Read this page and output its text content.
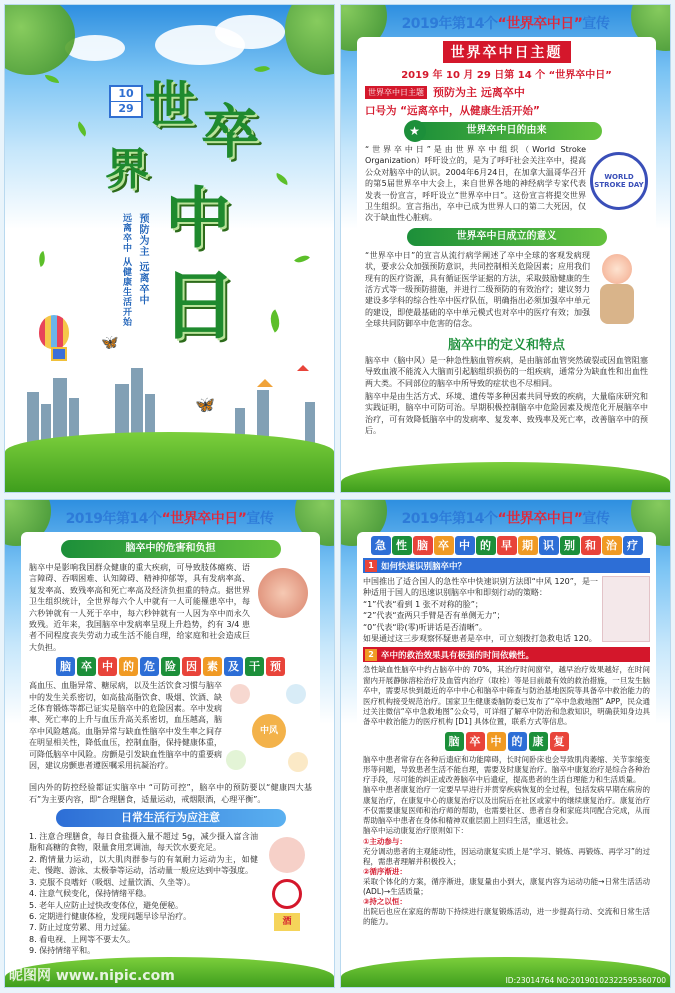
10
29 世
界
卒
中
日
预防为主 远离卒中
远离卒中 从健康生活开始
🦋
🦋
2019年第14个“世界卒中日”宣传
世界卒中日主题
2019 年 10 月 29 日第 14 个 “世界卒中日”
世界卒中日主题 预防为主 远离卒中
口号为 “远离卒中，从健康生活开始”
★	世界卒中日的由来
“世界卒中日”是由世界卒中组织（World Stroke Organization）呼吁设立的，是为了呼吁社会关注卒中，提高公众对脑卒中的认识。2004年6月24日，在加拿大温哥华召开的第5届世界卒中大会上，来自世界各地的神经病学专家代表发表一份宣言，呼吁设立“世界卒中日”。这份宣言将提交世界卫生组织。宣言指出，卒中已成为世界人口的第二大死因，仅次于缺血性心脏病。
WORLD STROKE DAY
世界卒中日成立的意义
“世界卒中日”的宣言从流行病学阐述了卒中全球的客观发病现状，要求公众加强预防意识，共同控制相关危险因素；应用我们现有的医疗资源，具有循证医学证据的方法，采取鼓励健康的生活方式等一级预防措施，并进行二级预防的有效治疗；建议努力建设多学科的综合性卒中医疗队伍，明确指出必须加强卒中单元的建设，即使最基础的卒中单元模式也对卒中的医疗有效；加强全球共同防御卒中危害的信念。
脑卒中的定义和特点
脑卒中（脑中风）是一种急性脑血管疾病，是由脑部血管突然破裂或因血管阻塞导致血液不能流入大脑而引起脑组织损伤的一组疾病，通常分为缺血性和出血性两大类。不同部位的脑卒中所导致的症状也不尽相同。
脑卒中是由生活方式、环境、遗传等多种因素共同导致的疾病，大量临床研究和实践证明，脑卒中可防可治。早期积极控制脑卒中危险因素及规范化开展脑卒中治疗，可有效降低脑卒中的发病率、复发率、致残率及死亡率，改善脑卒中的预后。
2019年第14个“世界卒中日”宣传
脑卒中的危害和负担
脑卒中是影响我国群众健康的重大疾病，可导致肢体瘫痪、语言障碍、吞咽困难、认知障碍、精神抑郁等，具有发病率高、复发率高、致残率高和死亡率高及经济负担重的特点。据世界卫生组织统计，全世界每六个人中就有一人可能罹患卒中，每六秒钟就有一人死于卒中，每六秒钟就有一人因为卒中而永久致残。近年来，我国脑卒中发病率呈现上升趋势，约有 3/4 患者不同程度丧失劳动力或生活不能自理，给家庭和社会造成巨大负担。
脑 卒 中 的 危 险 因 素 及 干 预
高血压、血脂异常、糖尿病，以及生活饮食习惯与脑卒中的发生关系密切，如高盐高脂饮食、吸烟、饮酒、缺乏体育锻炼等都已证实是脑卒中的危险因素。卒中发病率、死亡率的上升与血压升高关系密切，血压越高，脑卒中风险越高。血脂异常与缺血性脑卒中发生率之间存在明显相关性，降低血压，控制血脂，保持健康体重，可降低脑卒中风险。房颤是引发缺血性脑卒中的重要病因，建议房颤患者遵医嘱采用抗凝治疗。
中风
国内外的防控经验都证实脑卒中 “可防可控”，脑卒中的预防要以“健康四大基石”为主要内容，即“合理膳食，适量运动，戒烟限酒，心理平衡”。
日常生活行为应注意
1. 注意合理膳食，每日食盐摄入量不超过 5g，减少摄入富含油脂和高糖的食物，限量食用烹调油，每天饮水要充足。
2. 酌情量力运动，以大肌肉群参与的有氧耐力运动为主，如健走、慢跑、游泳、太极拳等运动，活动量一般应达到中等强度。
3. 克服不良嗜好（吸烟、过量饮酒、久坐等）。
4. 注意气候变化，保持情绪平稳。
5. 老年人应防止过快改变体位，避免便秘。
6. 定期进行健康体检，发现问题早诊早治疗。
7. 防止过度劳累、用力过猛。
8. 看电视、上网等不要太久。
9. 保持情绪平和。
酒
昵图网 www.nipic.com
2019年第14个“世界卒中日”宣传
急 性 脑 卒 中 的 早 期 识 别 和 治 疗
1 如何快速识别脑卒中？
中国推出了适合国人的急性卒中快速识别方法即“中风 120”，是一种适用于国人的迅速识别脑卒中和即刻行动的策略：
“1”代表“看到 1 张不对称的脸”；
“2”代表“查两只手臂是否有单侧无力”；
“0”代表“聆(零)听讲话是否清晰”。
如果通过这三步观察怀疑患者是卒中，可立刻拨打急救电话 120。
2 卒中的救治效果具有极强的时间依赖性。
急性缺血性脑卒中约占脑卒中的 70%，其治疗时间窗窄，越早治疗效果越好，在时间窗内开展静脉溶栓治疗及血管内治疗（取栓）等是目前最有效的救治措施，一旦发生脑卒中，需要尽快到最近的卒中中心和脑卒中筛查与防治基地医院等具备卒中救治能力的医疗机构接受规范治疗。国家卫生健康委脑防委已发布了“卒中急救地图” APP，民众通过关注微信“卒中急救地图”公众号，可详细了解卒中防治和急救知识，明确获知身边具备卒中救治能力的医疗机构 [D1] 具体位置，联系方式等信息。
脑 卒 中 的 康 复
脑卒中患者常存在各种后遗症和功能障碍，长时间卧床也会导致肌肉萎缩、关节挛缩变形等问题，导致患者生活不能自理，需要及时康复治疗。脑卒中康复治疗是综合各种治疗手段，尽可能的纠正或改善脑卒中后遗症，提高患者的生活自理能力和生活质量。
脑卒中患者康复治疗一定要早早进行并贯穿疾病恢复的全过程，包括发病早期在病房的康复治疗，在康复中心的康复治疗以及出院后在社区或家中的继续康复治疗。康复治疗不仅需要康复医师和治疗师的帮助，也需要社区、患者自身和家庭共同配合完成，从而帮助脑卒中患者在身体和精神双重层面上回归生活，重返社会。
脑卒中运动康复治疗原则如下：
①主动参与：
充分调动患者的主观能动性，因运动康复实质上是“学习、锻炼、再锻炼、再学习”的过程，需患者理解并积极投入；
②循序渐进：
采取个体化的方案，循序渐进，康复量由小到大，康复内容为运动功能→日常生活活动(ADL)→生活质量；
③持之以恒：
出院后也应在家庭的帮助下持续进行康复锻炼活动，进一步提高行动、交流和日常生活的能力。
ID:23014764 NO:20190102322595360700
